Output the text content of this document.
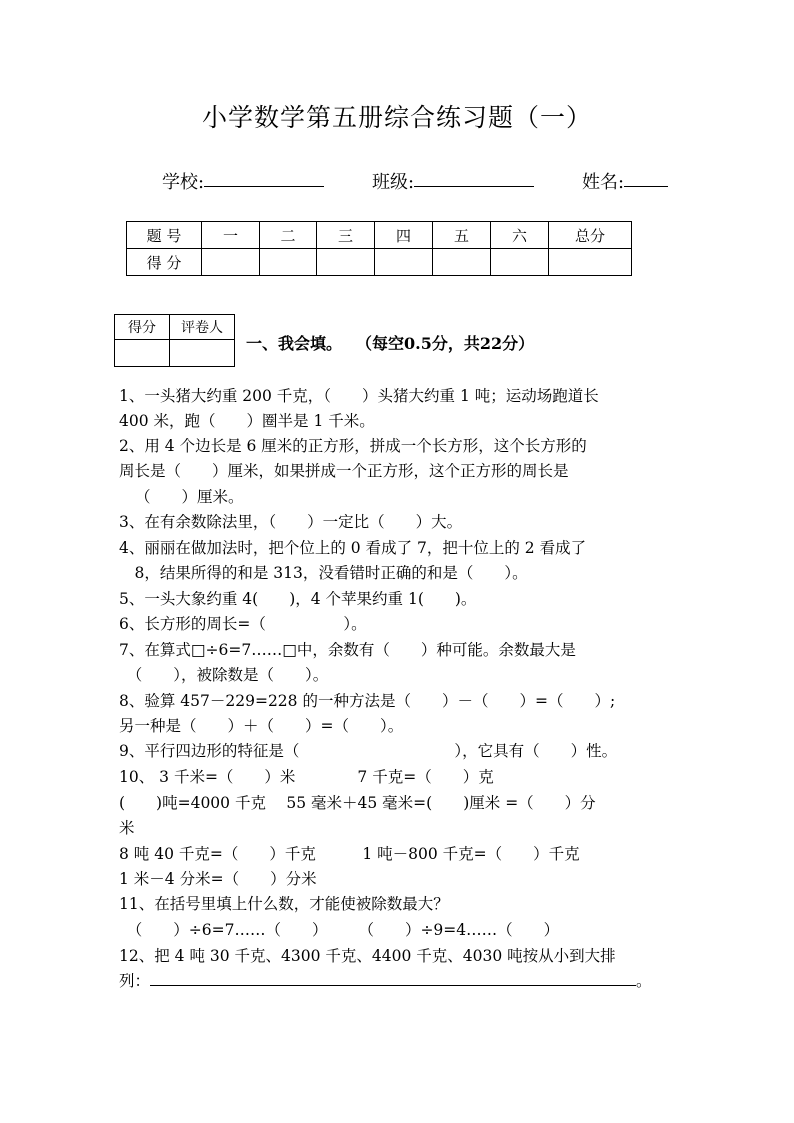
小学数学第五册综合练习题（一）
学校:	班级:	姓名:
题 号	一	二	三	四	五	六	总分
得 分							
得分	评卷人

一、我会填。 （每空0.5分，共22分）
1、一头猪大约重 200 千克，（　　）头猪大约重 1 吨；运动场跑道长
400 米，跑（　　）圈半是 1 千米。
2、用 4 个边长是 6 厘米的正方形，拼成一个长方形，这个长方形的
周长是（　　）厘米，如果拼成一个正方形，这个正方形的周长是
（　　）厘米。
3、在有余数除法里，（　　）一定比（　　）大。
4、丽丽在做加法时，把个位上的 0 看成了 7，把十位上的 2 看成了
　8，结果所得的和是 313，没看错时正确的和是（　　）。
5、一头大象约重 4(　　)，4 个苹果约重 1(　　)。
6、长方形的周长=（　　　　　）。
7、在算式□÷6=7……□中，余数有（　　）种可能。余数最大是
　（　　），被除数是（　　）。
8、验算 457－229=228 的一种方法是（　　）－（　　）=（　　）;
另一种是（　　）＋（　　）=（　　）。
9、平行四边形的特征是（　　　　　　　　　　），它具有（　　）性。
10、 3 千米=（　　）米　　　　7 千克=（　　）克
(　　)吨=4000 千克　 55 毫米＋45 毫米=(　　)厘米 =（　　）分
米
8 吨 40 千克=（　　）千克　　　1 吨－800 千克=（　　）千克
1 米－4 分米=（　　）分米
11、在括号里填上什么数，才能使被除数最大？
　（　　）÷6=7……（　　）　　　（　　）÷9=4……（　　）
12、把 4 吨 30 千克、4300 千克、4400 千克、4030 吨按从小到大排
列：	。
